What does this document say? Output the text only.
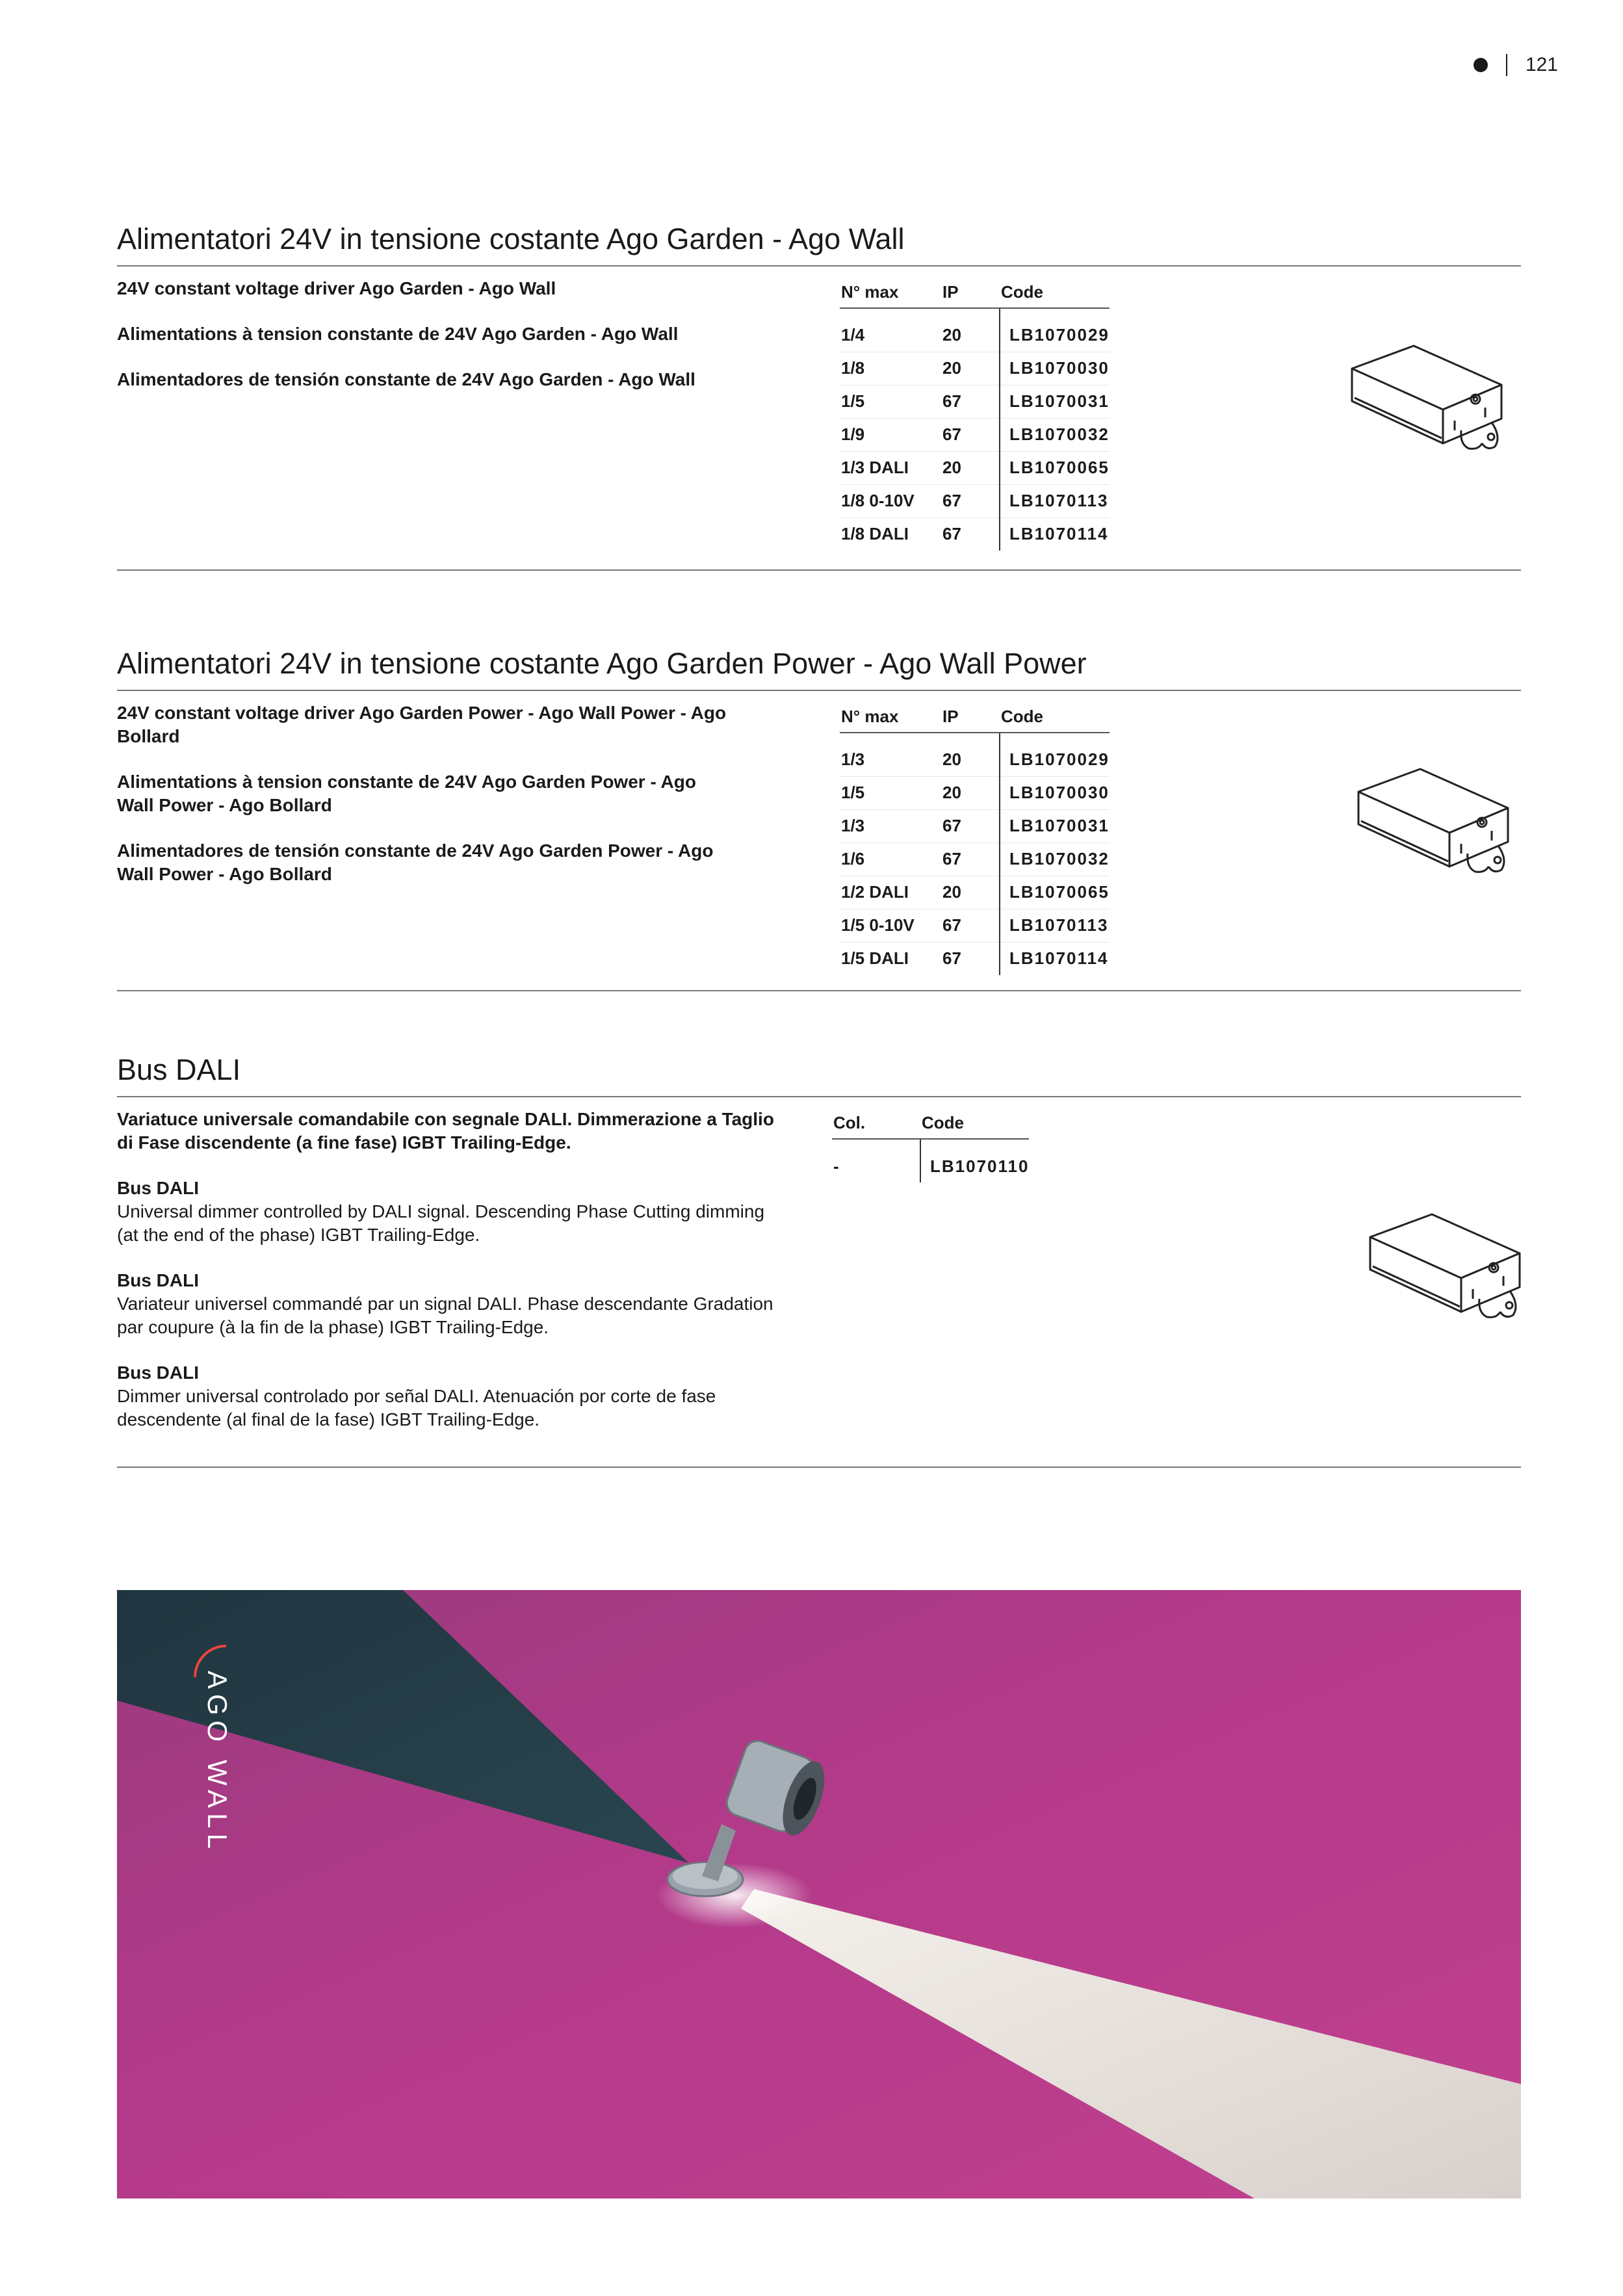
121
Alimentatori 24V in tensione costante Ago Garden - Ago Wall

24V constant voltage driver Ago Garden - Ago Wall

Alimentations à tension constante de 24V Ago Garden - Ago Wall

Alimentadores de tensión constante de 24V Ago Garden - Ago Wall

N° max	IP	Code
1/4	20	LB1070029
1/8	20	LB1070030
1/5	67	LB1070031
1/9	67	LB1070032
1/3 DALI	20	LB1070065
1/8 0-10V	67	LB1070113
1/8 DALI	67	LB1070114
Alimentatori 24V in tensione costante Ago Garden Power - Ago Wall Power

24V constant voltage driver Ago Garden Power - Ago Wall Power - Ago Bollard

Alimentations à tension constante de 24V Ago Garden Power - Ago Wall Power - Ago Bollard

Alimentadores de tensión constante de 24V Ago Garden Power - Ago Wall Power - Ago Bollard

N° max	IP	Code
1/3	20	LB1070029
1/5	20	LB1070030
1/3	67	LB1070031
1/6	67	LB1070032
1/2 DALI	20	LB1070065
1/5 0-10V	67	LB1070113
1/5 DALI	67	LB1070114
Bus DALI

Variatuce universale comandabile con segnale DALI. Dimmerazione a Taglio di Fase discendente (a fine fase) IGBT Trailing-Edge.

Bus DALI
Universal dimmer controlled by DALI signal. Descending Phase Cutting dimming (at the end of the phase) IGBT Trailing-Edge.
Bus DALI
Variateur universel commandé par un signal DALI. Phase descendante Gradation par coupure (à la fin de la phase) IGBT Trailing-Edge.
Bus DALI
Dimmer universal controlado por señal DALI. Atenuación por corte de fase descendente (al final de la fase) IGBT Trailing-Edge.
Col.	Code
-	LB1070110
AGO WALL
